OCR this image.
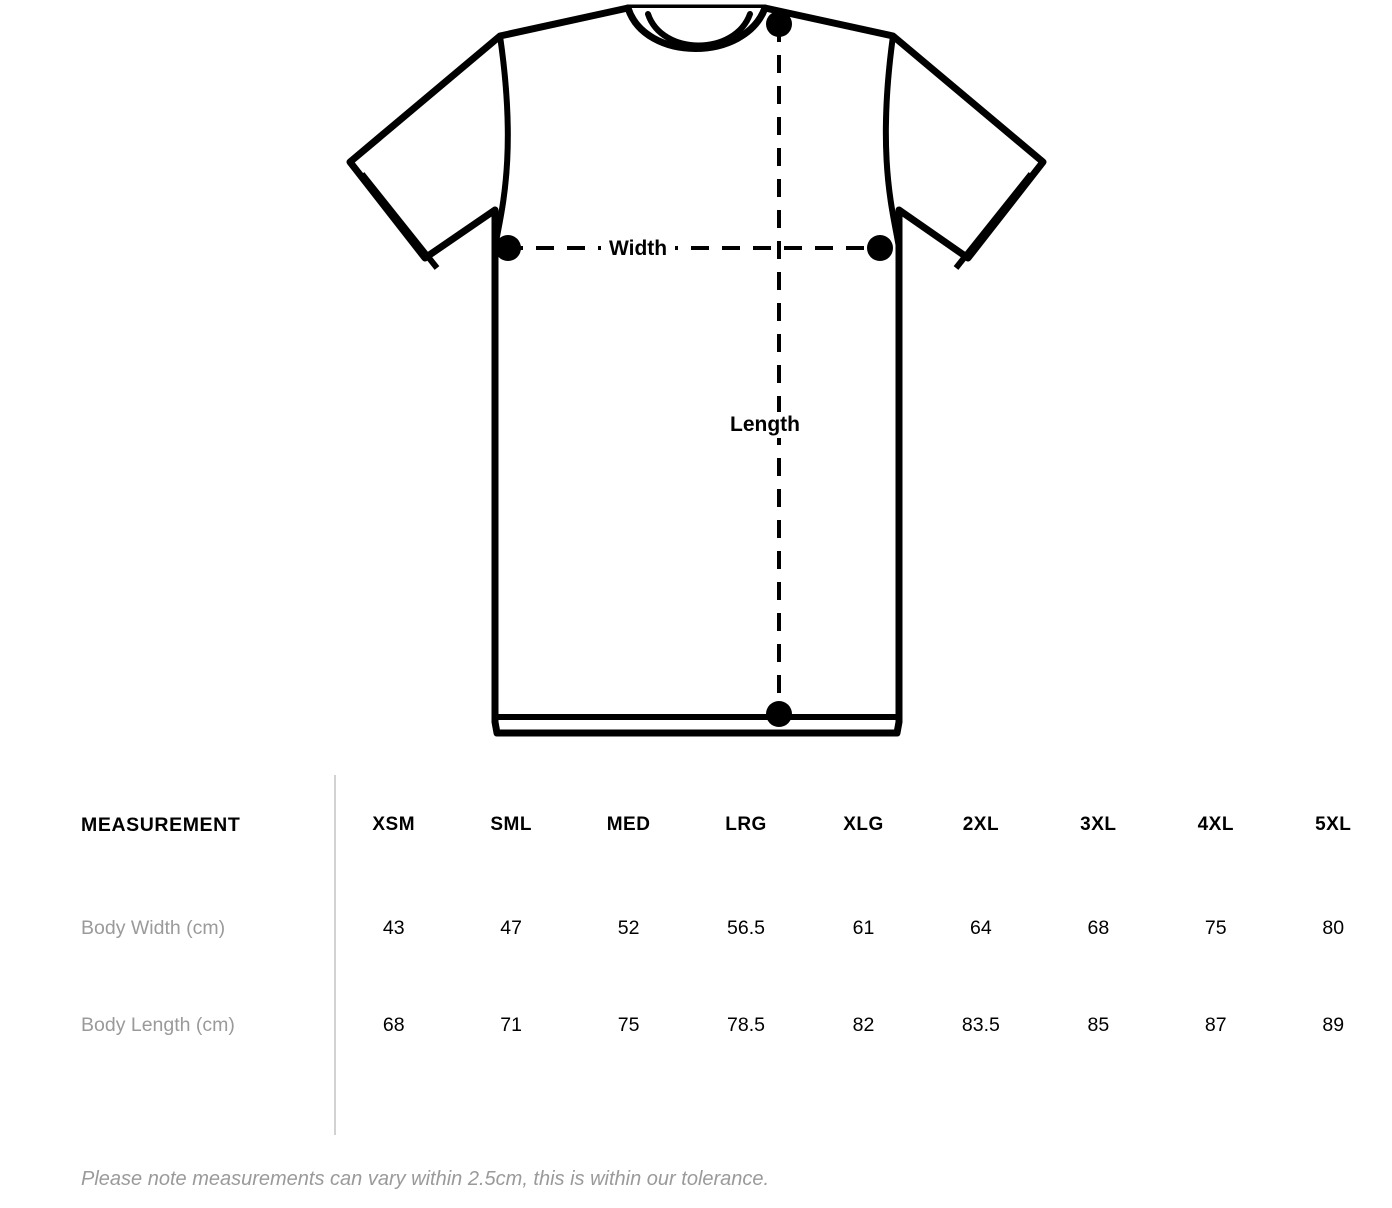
Width
Length
MEASUREMENT	XSM	SML	MED	LRG	XLG	2XL	3XL	4XL	5XL
Body Width (cm)	43	47	52	56.5	61	64	68	75	80
Body Length (cm)	68	71	75	78.5	82	83.5	85	87	89
Please note measurements can vary within 2.5cm, this is within our tolerance.
